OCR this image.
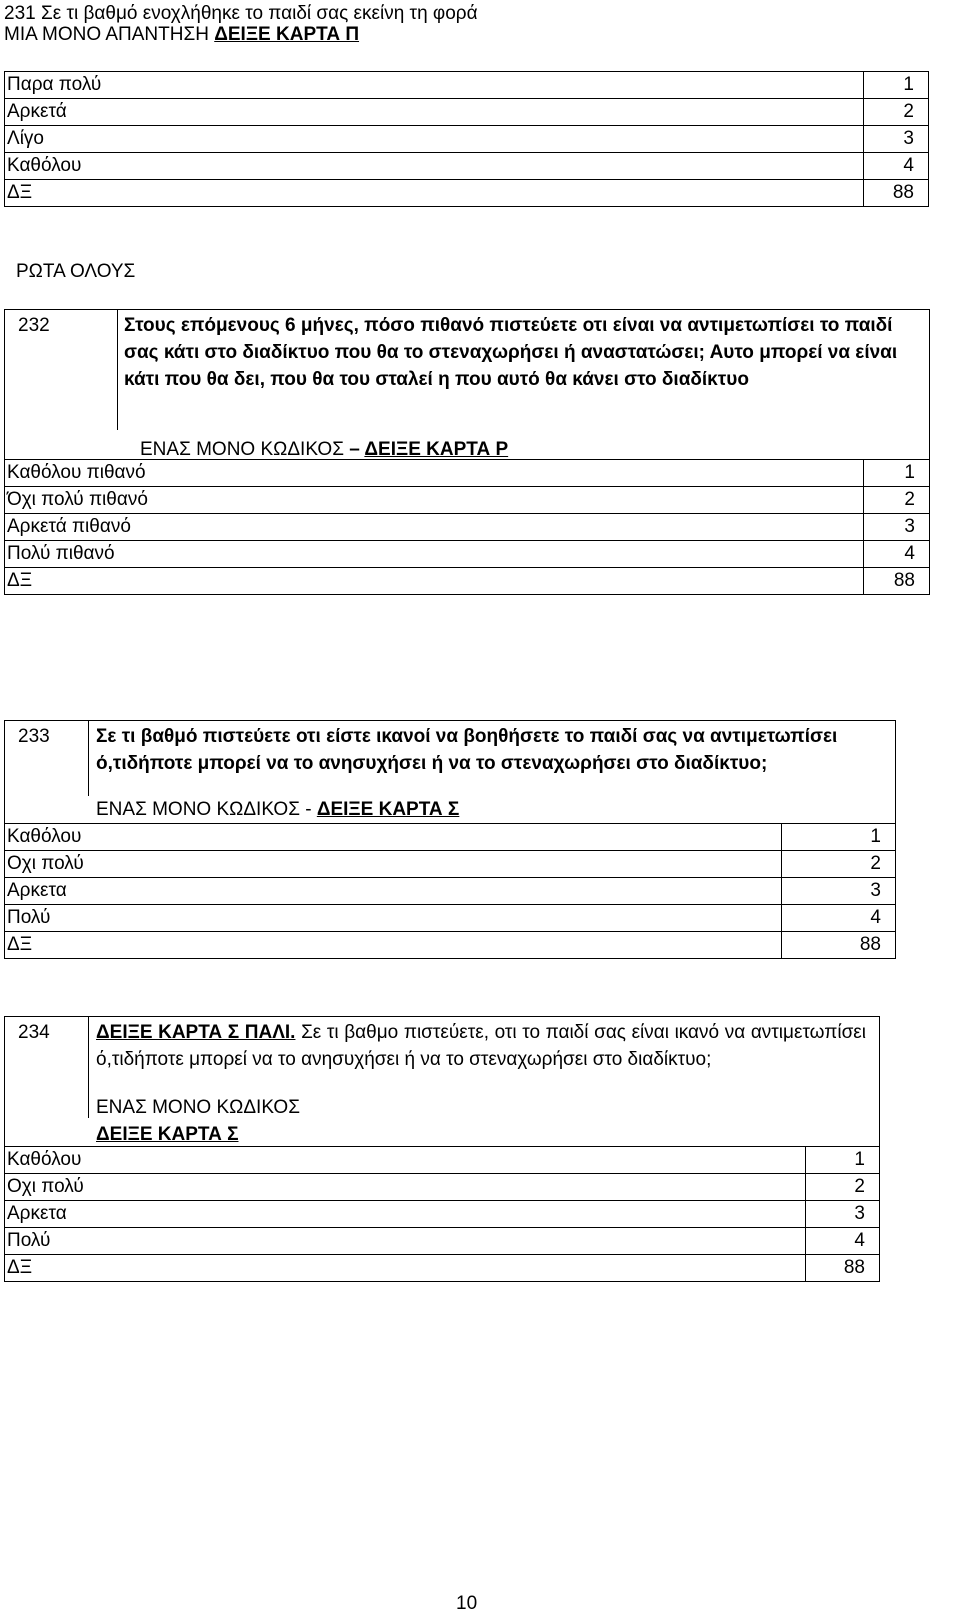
231 Σε τι βαθμό ενοχλήθηκε το παιδί σας εκείνη τη φορά
ΜΙΑ ΜΟΝΟ ΑΠΑΝΤΗΣΗ ΔΕΙΞΕ ΚΑΡΤΑ Π
Παρα πολύ	1
Αρκετά	2
Λίγο	3
Καθόλου	4
ΔΞ	88
ΡΩΤΑ ΟΛΟΥΣ
232	Στους επόμενους 6 μήνες, πόσο πιθανό πιστεύετε οτι είναι να αντιμετωπίσει το παιδί σας κάτι στο διαδίκτυο που θα το στεναχωρήσει ή αναστατώσει; Αυτο μπορεί να είναι κάτι που θα δει, που θα του σταλεί η που αυτό θα κάνει στο διαδίκτυο
ΕΝΑΣ ΜΟΝΟ ΚΩΔΙΚΟΣ – ΔΕΙΞΕ ΚΑΡΤΑ Ρ
Καθόλου πιθανό	1
Όχι πολύ πιθανό	2
Αρκετά πιθανό	3
Πολύ πιθανό	4
ΔΞ	88
233 Σε τι βαθμό πιστεύετε οτι είστε ικανοί να βοηθήσετε το παιδί σας να αντιμετωπίσει ό,τιδήποτε μπορεί να το ανησυχήσει ή να το στεναχωρήσει στο διαδίκτυο;
ΕΝΑΣ ΜΟΝΟ ΚΩΔΙΚΟΣ - ΔΕΙΞΕ ΚΑΡΤΑ Σ
Καθόλου	1
Οχι πολύ	2
Αρκετα	3
Πολύ	4
ΔΞ	88
234 ΔΕΙΞΕ ΚΑΡΤΑ Σ ΠΑΛΙ. Σε τι βαθμο πιστεύετε, οτι το παιδί σας είναι ικανό να αντιμετωπίσει ό,τιδήποτε μπορεί να το ανησυχήσει ή να το στεναχωρήσει στο διαδίκτυο;
ΕΝΑΣ ΜΟΝΟ ΚΩΔΙΚΟΣ
ΔΕΙΞΕ ΚΑΡΤΑ Σ
Καθόλου	1
Οχι πολύ	2
Αρκετα	3
Πολύ	4
ΔΞ	88
10
